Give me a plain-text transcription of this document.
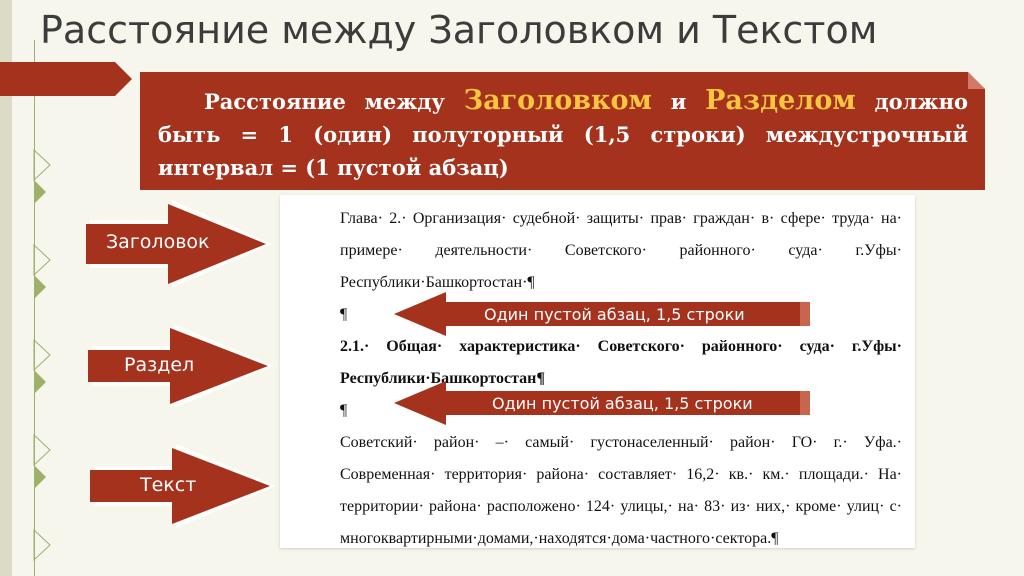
Расстояние между Заголовком и Текстом
Расстояние между Заголовком и Разделом должно быть = 1 (один) полуторный (1,5 строки) междустрочный интервал = (1 пустой абзац)

Глава· 2.· Организация· судебной· защиты· прав· граждан· в· сфере· труда· на· примере· деятельности· Советского· районного· суда· г.Уфы· Республики·Башкортостан·¶

¶

2.1.· Общая· характеристика· Советского· районного· суда· г.Уфы· Республики·Башкортостан¶

¶

Советский· район· –· самый· густонаселенный· район· ГО· г.· Уфа.· Современная· территория· района· составляет· 16,2· кв.· км.· площади.· На· территории· района· расположено· 124· улицы,· на· 83· из· них,· кроме· улиц· с· многоквартирными·домами,·находятся·дома·частного·сектора.¶

Заголовок
Раздел
Текст
Один пустой абзац, 1,5 строки
Один пустой абзац, 1,5 строки
